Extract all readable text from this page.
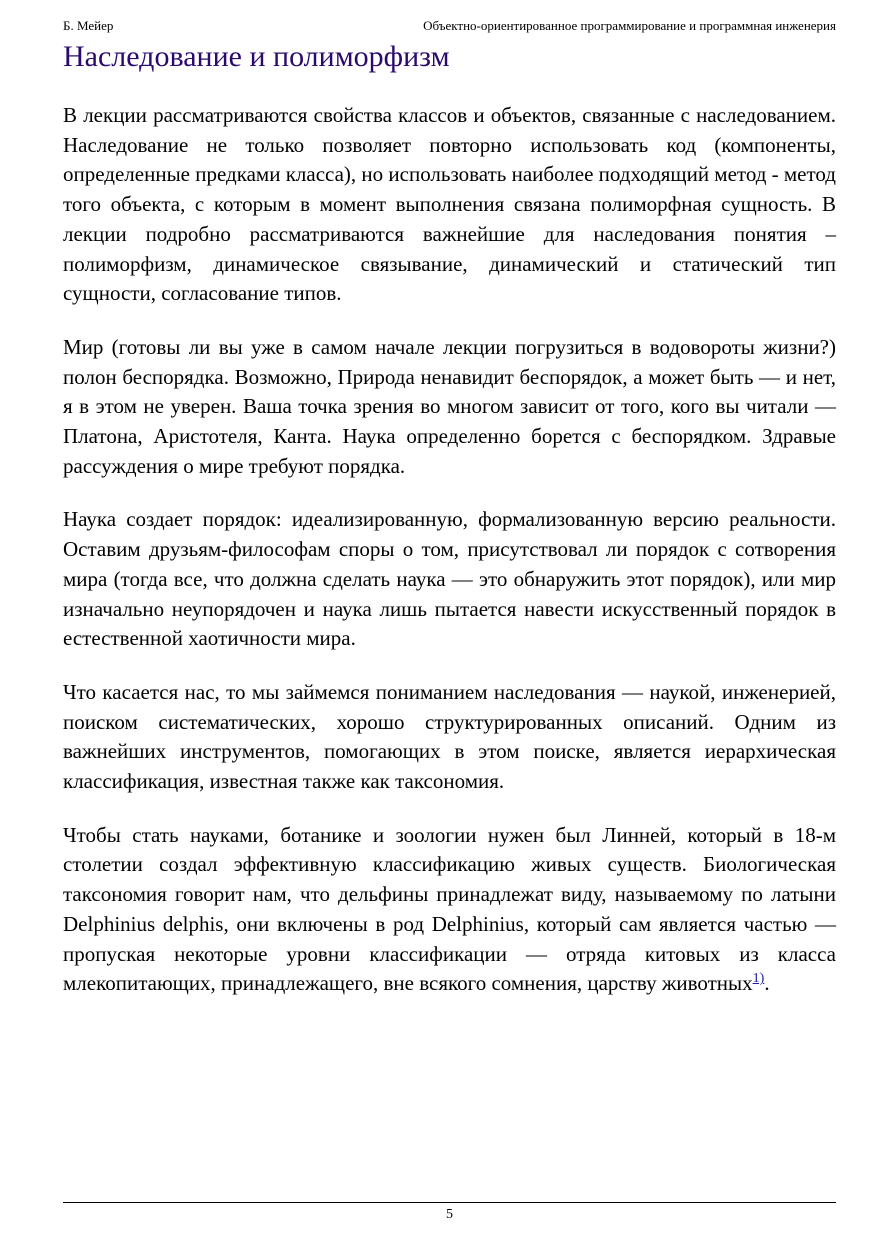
Б. Мейер	Объектно-ориентированное программирование и программная инженерия
Наследование и полиморфизм

В лекции рассматриваются свойства классов и объектов, связанные с наследованием. Наследование не только позволяет повторно использовать код (компоненты, определенные предками класса), но использовать наиболее подходящий метод - метод того объекта, с которым в момент выполнения связана полиморфная сущность. В лекции подробно рассматриваются важнейшие для наследования понятия – полиморфизм, динамическое связывание, динамический и статический тип сущности, согласование типов.

Мир (готовы ли вы уже в самом начале лекции погрузиться в водовороты жизни?) полон беспорядка. Возможно, Природа ненавидит беспорядок, а может быть — и нет, я в этом не уверен. Ваша точка зрения во многом зависит от того, кого вы читали — Платона, Аристотеля, Канта. Наука определенно борется с беспорядком. Здравые рассуждения о мире требуют порядка.

Наука создает порядок: идеализированную, формализованную версию реальности. Оставим друзьям-философам споры о том, присутствовал ли порядок с сотворения мира (тогда все, что должна сделать наука — это обнаружить этот порядок), или мир изначально неупорядочен и наука лишь пытается навести искусственный порядок в естественной хаотичности мира.

Что касается нас, то мы займемся пониманием наследования — наукой, инженерией, поиском систематических, хорошо структурированных описаний. Одним из важнейших инструментов, помогающих в этом поиске, является иерархическая классификация, известная также как таксономия.

Чтобы стать науками, ботанике и зоологии нужен был Линней, который в 18-м столетии создал эффективную классификацию живых существ. Биологическая таксономия говорит нам, что дельфины принадлежат виду, называемому по латыни Delphinius delphis, они включены в род Delphinius, который сам является частью — пропуская некоторые уровни классификации — отряда китовых из класса млекопитающих, принадлежащего, вне всякого сомнения, царству животных$^{1)}$.

5
